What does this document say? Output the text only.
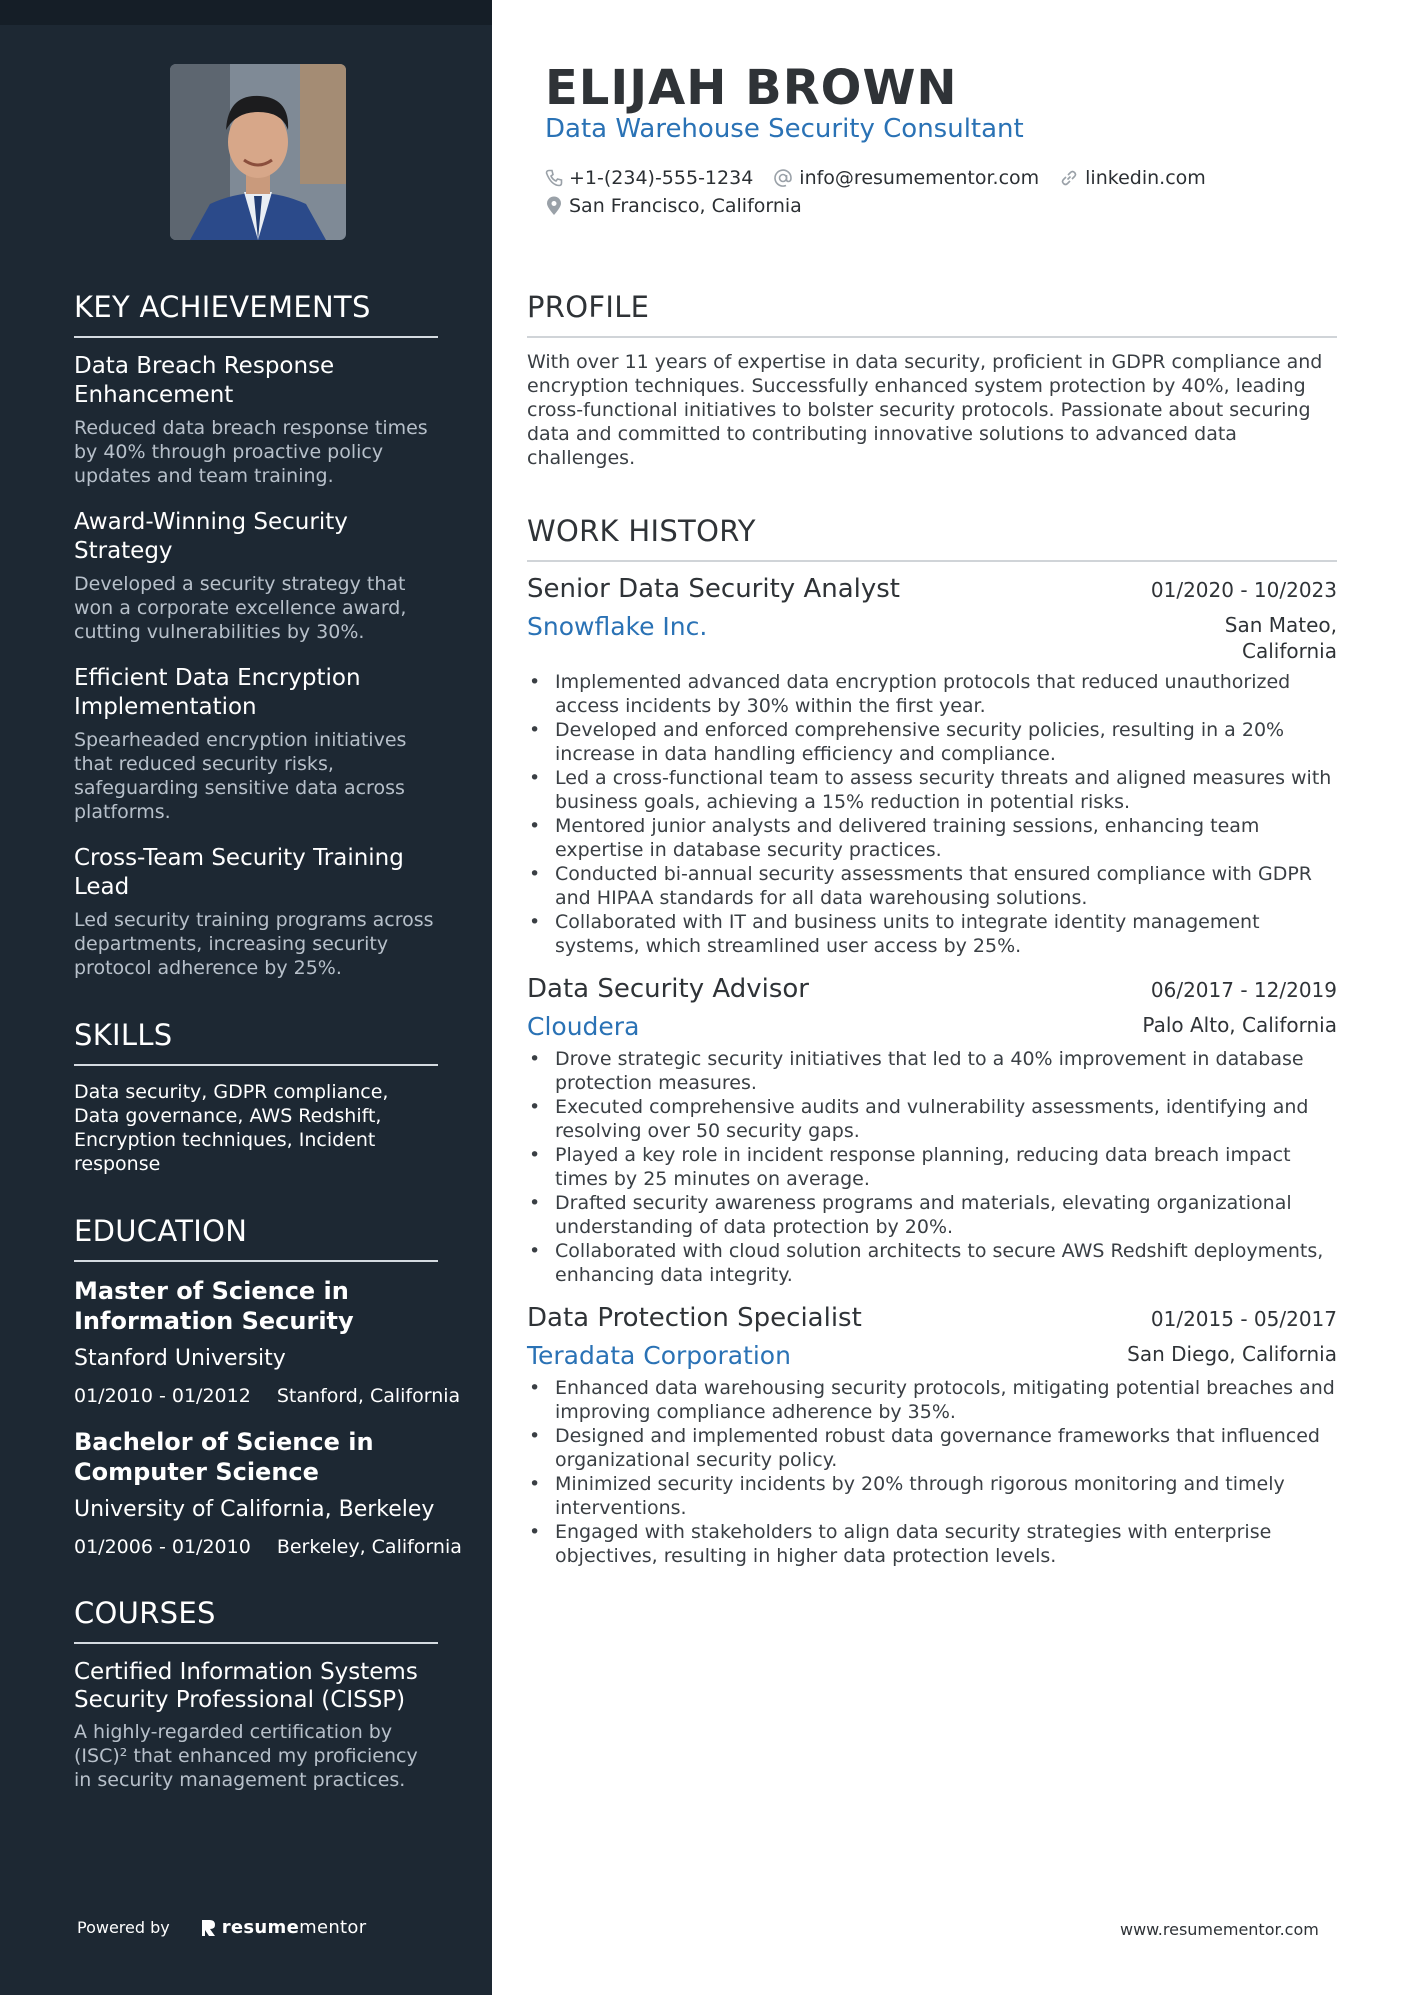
KEY ACHIEVEMENTS
Data Breach Response Enhancement
Reduced data breach response times by 40% through proactive policy updates and team training.
Award-Winning Security Strategy
Developed a security strategy that won a corporate excellence award, cutting vulnerabilities by 30%.
Efficient Data Encryption Implementation
Spearheaded encryption initiatives that reduced security risks, safeguarding sensitive data across platforms.
Cross-Team Security Training Lead
Led security training programs across departments, increasing security protocol adherence by 25%.
SKILLS
Data security, GDPR compliance, Data governance, AWS Redshift, Encryption techniques, Incident response
EDUCATION
Master of Science in Information Security
Stanford University
01/2010 - 01/2012 Stanford, California
Bachelor of Science in Computer Science
University of California, Berkeley
01/2006 - 01/2010 Berkeley, California
COURSES
Certified Information Systems Security Professional (CISSP)
A highly-regarded certification by (ISC)² that enhanced my proficiency in security management practices.
Powered by	resumementor
ELIJAH BROWN
Data Warehouse Security Consultant
+1-(234)-555-1234 info@resumementor.com linkedin.com
San Francisco, California
PROFILE
With over 11 years of expertise in data security, proficient in GDPR compliance and encryption techniques. Successfully enhanced system protection by 40%, leading cross-functional initiatives to bolster security protocols. Passionate about securing data and committed to contributing innovative solutions to advanced data challenges.
WORK HISTORY
Senior Data Security Analyst	01/2020 - 10/2023
Snowflake Inc.	San Mateo, California
• Implemented advanced data encryption protocols that reduced unauthorized access incidents by 30% within the first year.
• Developed and enforced comprehensive security policies, resulting in a 20% increase in data handling efficiency and compliance.
• Led a cross-functional team to assess security threats and aligned measures with business goals, achieving a 15% reduction in potential risks.
• Mentored junior analysts and delivered training sessions, enhancing team expertise in database security practices.
• Conducted bi-annual security assessments that ensured compliance with GDPR and HIPAA standards for all data warehousing solutions.
• Collaborated with IT and business units to integrate identity management systems, which streamlined user access by 25%.
Data Security Advisor	06/2017 - 12/2019
Cloudera	Palo Alto, California
• Drove strategic security initiatives that led to a 40% improvement in database protection measures.
• Executed comprehensive audits and vulnerability assessments, identifying and resolving over 50 security gaps.
• Played a key role in incident response planning, reducing data breach impact times by 25 minutes on average.
• Drafted security awareness programs and materials, elevating organizational understanding of data protection by 20%.
• Collaborated with cloud solution architects to secure AWS Redshift deployments, enhancing data integrity.
Data Protection Specialist	01/2015 - 05/2017
Teradata Corporation	San Diego, California
• Enhanced data warehousing security protocols, mitigating potential breaches and improving compliance adherence by 35%.
• Designed and implemented robust data governance frameworks that influenced organizational security policy.
• Minimized security incidents by 20% through rigorous monitoring and timely interventions.
• Engaged with stakeholders to align data security strategies with enterprise objectives, resulting in higher data protection levels.
www.resumementor.com
